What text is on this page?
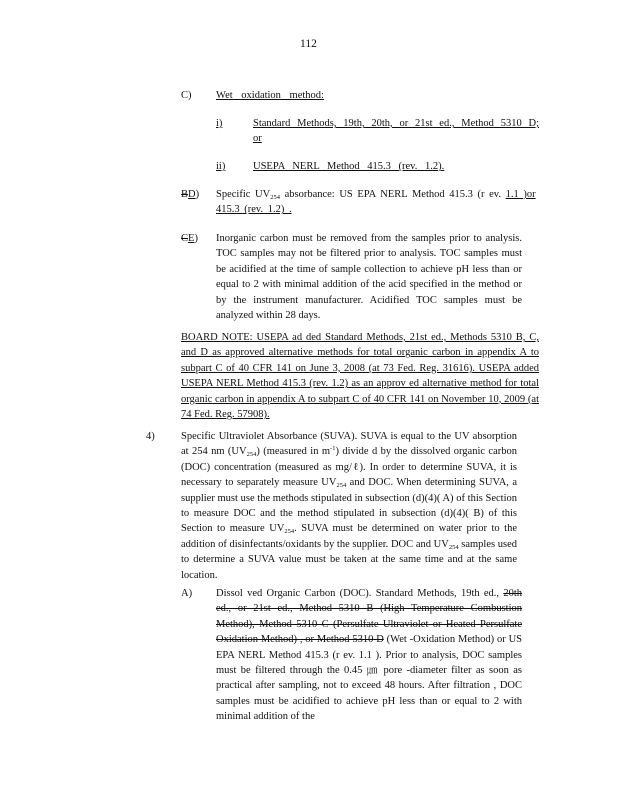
112
C) Wet oxidation method:
i)	Standard Methods, 19th, 20th, or 21st ed., Method 5310 D;
or
ii)	USEPA NERL Method 415.3 (rev. 1.2).
BD) Specific $UV_{254}$ absorbance: US EPA NERL Method 415.3 (r ev. 1.1 )or 415.3 (rev. 1.2) .

CE) Inorganic carbon must be removed from the samples prior to analysis. TOC samples may not be filtered prior to analysis. TOC samples must be acidified at the time of sample collection to achieve pH less than or equal to 2 with minimal addition of the acid specified in the method or by the instrument manufacturer. Acidified TOC samples must be analyzed within 28 days.

BOARD NOTE: USEPA ad ded Standard Methods, 21st ed., Methods 5310 B, C, and D as approved alternative methods for total organic carbon in appendix A to subpart C of 40 CFR 141 on June 3, 2008 (at 73 Fed. Reg. 31616). USEPA added USEPA NERL Method 415.3 (rev. 1.2) as an approv ed alternative method for total organic carbon in appendix A to subpart C of 40 CFR 141 on November 10, 2009 (at 74 Fed. Reg. 57908).

4)	Specific Ultraviolet Absorbance (SUVA). SUVA is equal to the UV absorption at 254 nm $(UV_{254})$ (measured in $m^{-1}$) divide d by the dissolved organic carbon (DOC) concentration (measured as mg/ℓ). In order to determine SUVA, it is necessary to separately measure $UV_{254}$ and DOC. When determining SUVA, a supplier must use the methods stipulated in subsection (d)(4)( A) of this Section to measure DOC and the method stipulated in subsection (d)(4)( B) of this Section to measure $UV_{254}$. SUVA must be determined on water prior to the addition of disinfectants/oxidants by the supplier. DOC and $UV_{254}$ samples used to determine a SUVA value must be taken at the same time and at the same location.

A) Dissol ved Organic Carbon (DOC). Standard Methods, 19th ed., 20th ed., or 21st ed., Method 5310 B (High Temperature Combustion Method), Method 5310 C (Persulfate Ultraviolet or Heated Persulfate Oxidation Method) , or Method 5310 D (Wet -Oxidation Method) or US EPA NERL Method 415.3 (r ev. 1.1 ). Prior to analysis, DOC samples must be filtered through the 0.45 ㎛ pore -diameter filter as soon as practical after sampling, not to exceed 48 hours. After filtration , DOC samples must be acidified to achieve pH less than or equal to 2 with minimal addition of the
